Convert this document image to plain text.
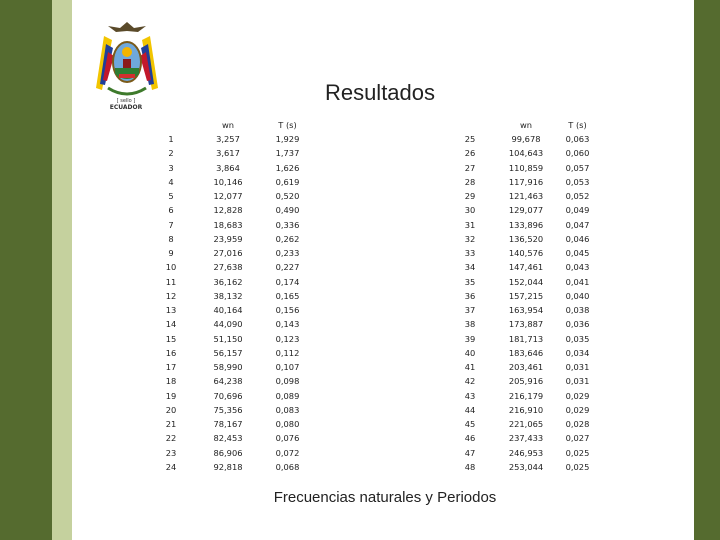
[ sello ]
ECUADOR
Resultados
wn	T (s)
1	3,257	1,929
2	3,617	1,737
3	3,864	1,626
4	10,146	0,619
5	12,077	0,520
6	12,828	0,490
7	18,683	0,336
8	23,959	0,262
9	27,016	0,233
10	27,638	0,227
11	36,162	0,174
12	38,132	0,165
13	40,164	0,156
14	44,090	0,143
15	51,150	0,123
16	56,157	0,112
17	58,990	0,107
18	64,238	0,098
19	70,696	0,089
20	75,356	0,083
21	78,167	0,080
22	82,453	0,076
23	86,906	0,072
24	92,818	0,068
wn	T (s)
25	99,678	0,063
26	104,643	0,060
27	110,859	0,057
28	117,916	0,053
29	121,463	0,052
30	129,077	0,049
31	133,896	0,047
32	136,520	0,046
33	140,576	0,045
34	147,461	0,043
35	152,044	0,041
36	157,215	0,040
37	163,954	0,038
38	173,887	0,036
39	181,713	0,035
40	183,646	0,034
41	203,461	0,031
42	205,916	0,031
43	216,179	0,029
44	216,910	0,029
45	221,065	0,028
46	237,433	0,027
47	246,953	0,025
48	253,044	0,025
Frecuencias naturales y Periodos
